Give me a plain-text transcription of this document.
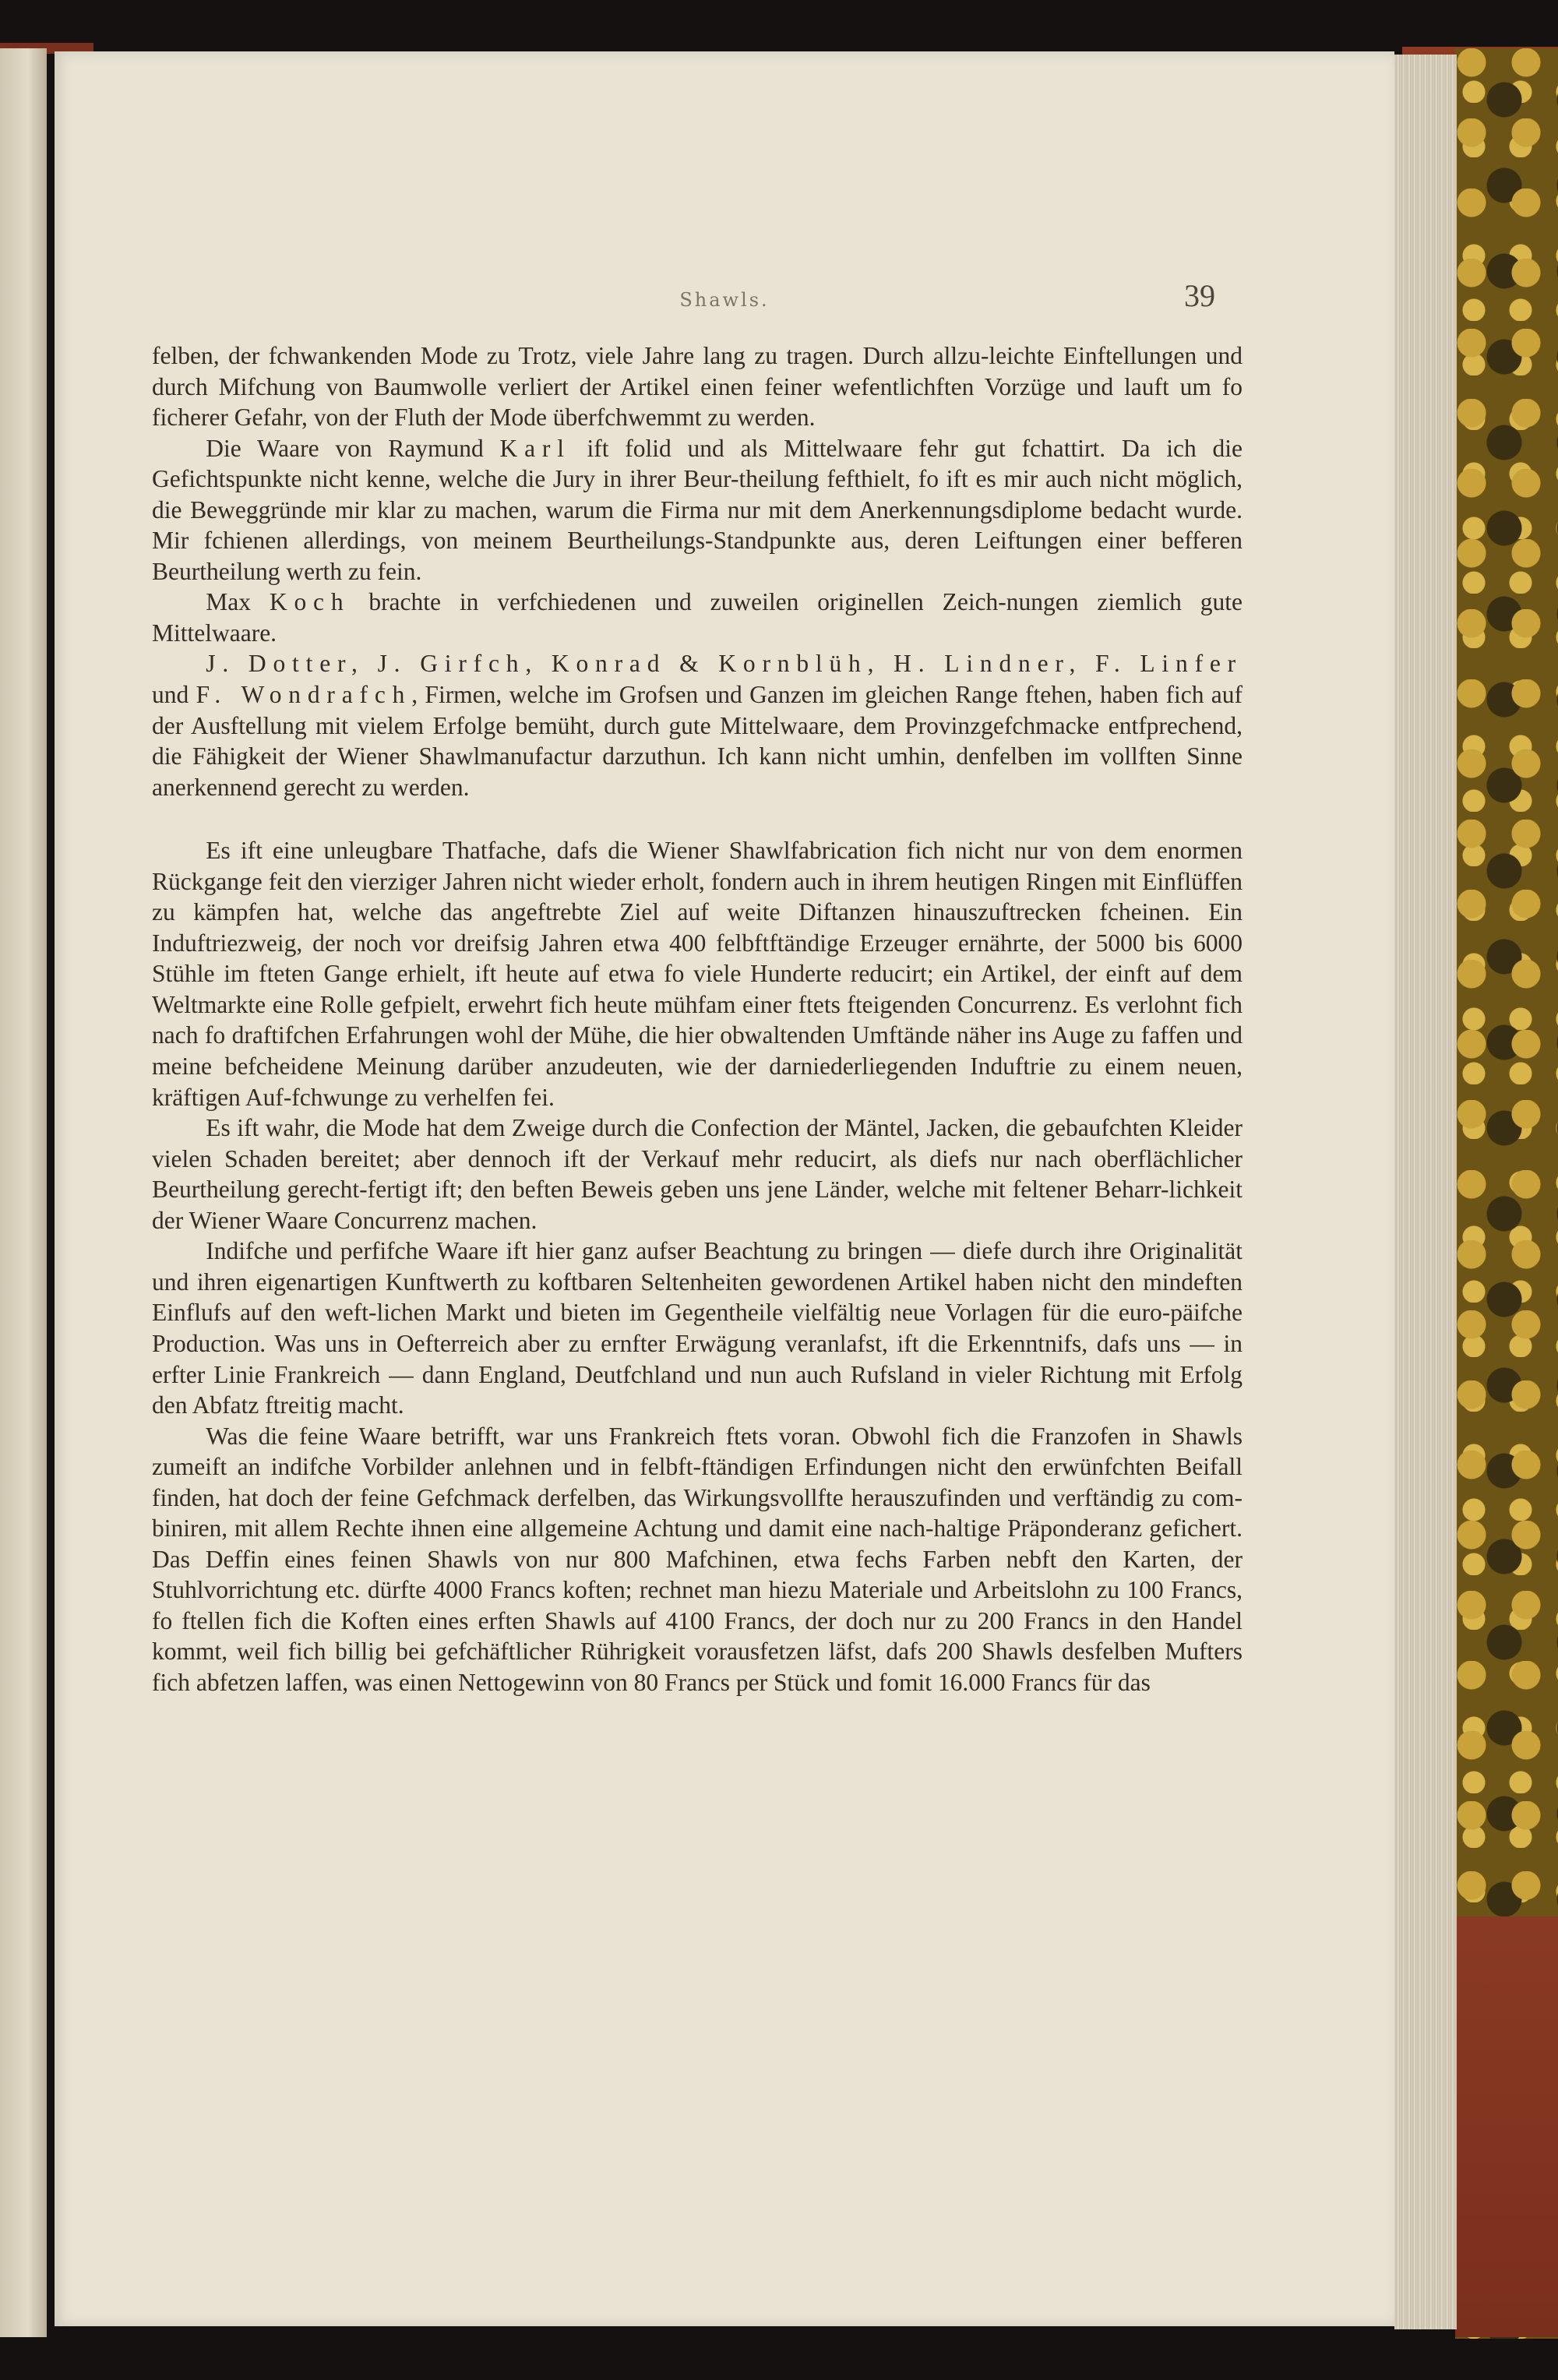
Shawls.	39

felben, der fchwankenden Mode zu Trotz, viele Jahre lang zu tragen. Durch allzu-leichte Einftellungen und durch Mifchung von Baumwolle verliert der Artikel einen feiner wefentlichften Vorzüge und lauft um fo ficherer Gefahr, von der Fluth der Mode überfchwemmt zu werden.

Die Waare von Raymund Karl ift folid und als Mittelwaare fehr gut fchattirt. Da ich die Gefichtspunkte nicht kenne, welche die Jury in ihrer Beur-theilung fefthielt, fo ift es mir auch nicht möglich, die Beweggründe mir klar zu machen, warum die Firma nur mit dem Anerkennungsdiplome bedacht wurde. Mir fchienen allerdings, von meinem Beurtheilungs-Standpunkte aus, deren Leiftungen einer befferen Beurtheilung werth zu fein.

Max Koch brachte in verfchiedenen und zuweilen originellen Zeich-nungen ziemlich gute Mittelwaare.

J. Dotter, J. Girfch, Konrad & Kornblüh, H. Lindner, F. Linfer und F. Wondrafch, Firmen, welche im Grofsen und Ganzen im gleichen Range ftehen, haben fich auf der Ausftellung mit vielem Erfolge bemüht, durch gute Mittelwaare, dem Provinzgefchmacke entfprechend, die Fähigkeit der Wiener Shawlmanufactur darzuthun. Ich kann nicht umhin, denfelben im vollften Sinne anerkennend gerecht zu werden.

Es ift eine unleugbare Thatfache, dafs die Wiener Shawlfabrication fich nicht nur von dem enormen Rückgange feit den vierziger Jahren nicht wieder erholt, fondern auch in ihrem heutigen Ringen mit Einflüffen zu kämpfen hat, welche das angeftrebte Ziel auf weite Diftanzen hinauszuftrecken fcheinen. Ein Induftriezweig, der noch vor dreifsig Jahren etwa 400 felbftftändige Erzeuger ernährte, der 5000 bis 6000 Stühle im fteten Gange erhielt, ift heute auf etwa fo viele Hunderte reducirt; ein Artikel, der einft auf dem Weltmarkte eine Rolle gefpielt, erwehrt fich heute mühfam einer ftets fteigenden Concurrenz. Es verlohnt fich nach fo draftifchen Erfahrungen wohl der Mühe, die hier obwaltenden Umftände näher ins Auge zu faffen und meine befcheidene Meinung darüber anzudeuten, wie der darniederliegenden Induftrie zu einem neuen, kräftigen Auf-fchwunge zu verhelfen fei.

Es ift wahr, die Mode hat dem Zweige durch die Confection der Mäntel, Jacken, die gebaufchten Kleider vielen Schaden bereitet; aber dennoch ift der Verkauf mehr reducirt, als diefs nur nach oberflächlicher Beurtheilung gerecht-fertigt ift; den beften Beweis geben uns jene Länder, welche mit feltener Beharr-lichkeit der Wiener Waare Concurrenz machen.

Indifche und perfifche Waare ift hier ganz aufser Beachtung zu bringen — diefe durch ihre Originalität und ihren eigenartigen Kunftwerth zu koftbaren Seltenheiten gewordenen Artikel haben nicht den mindeften Einflufs auf den weft-lichen Markt und bieten im Gegentheile vielfältig neue Vorlagen für die euro-päifche Production. Was uns in Oefterreich aber zu ernfter Erwägung veranlafst, ift die Erkenntnifs, dafs uns — in erfter Linie Frankreich — dann England, Deutfchland und nun auch Rufsland in vieler Richtung mit Erfolg den Abfatz ftreitig macht.

Was die feine Waare betrifft, war uns Frankreich ftets voran. Obwohl fich die Franzofen in Shawls zumeift an indifche Vorbilder anlehnen und in felbft-ftändigen Erfindungen nicht den erwünfchten Beifall finden, hat doch der feine Gefchmack derfelben, das Wirkungsvollfte herauszufinden und verftändig zu com-biniren, mit allem Rechte ihnen eine allgemeine Achtung und damit eine nach-haltige Präponderanz gefichert. Das Deffin eines feinen Shawls von nur 800 Mafchinen, etwa fechs Farben nebft den Karten, der Stuhlvorrichtung etc. dürfte 4000 Francs koften; rechnet man hiezu Materiale und Arbeitslohn zu 100 Francs, fo ftellen fich die Koften eines erften Shawls auf 4100 Francs, der doch nur zu 200 Francs in den Handel kommt, weil fich billig bei gefchäftlicher Rührigkeit vorausfetzen läfst, dafs 200 Shawls desfelben Mufters fich abfetzen laffen, was einen Nettogewinn von 80 Francs per Stück und fomit 16.000 Francs für das
